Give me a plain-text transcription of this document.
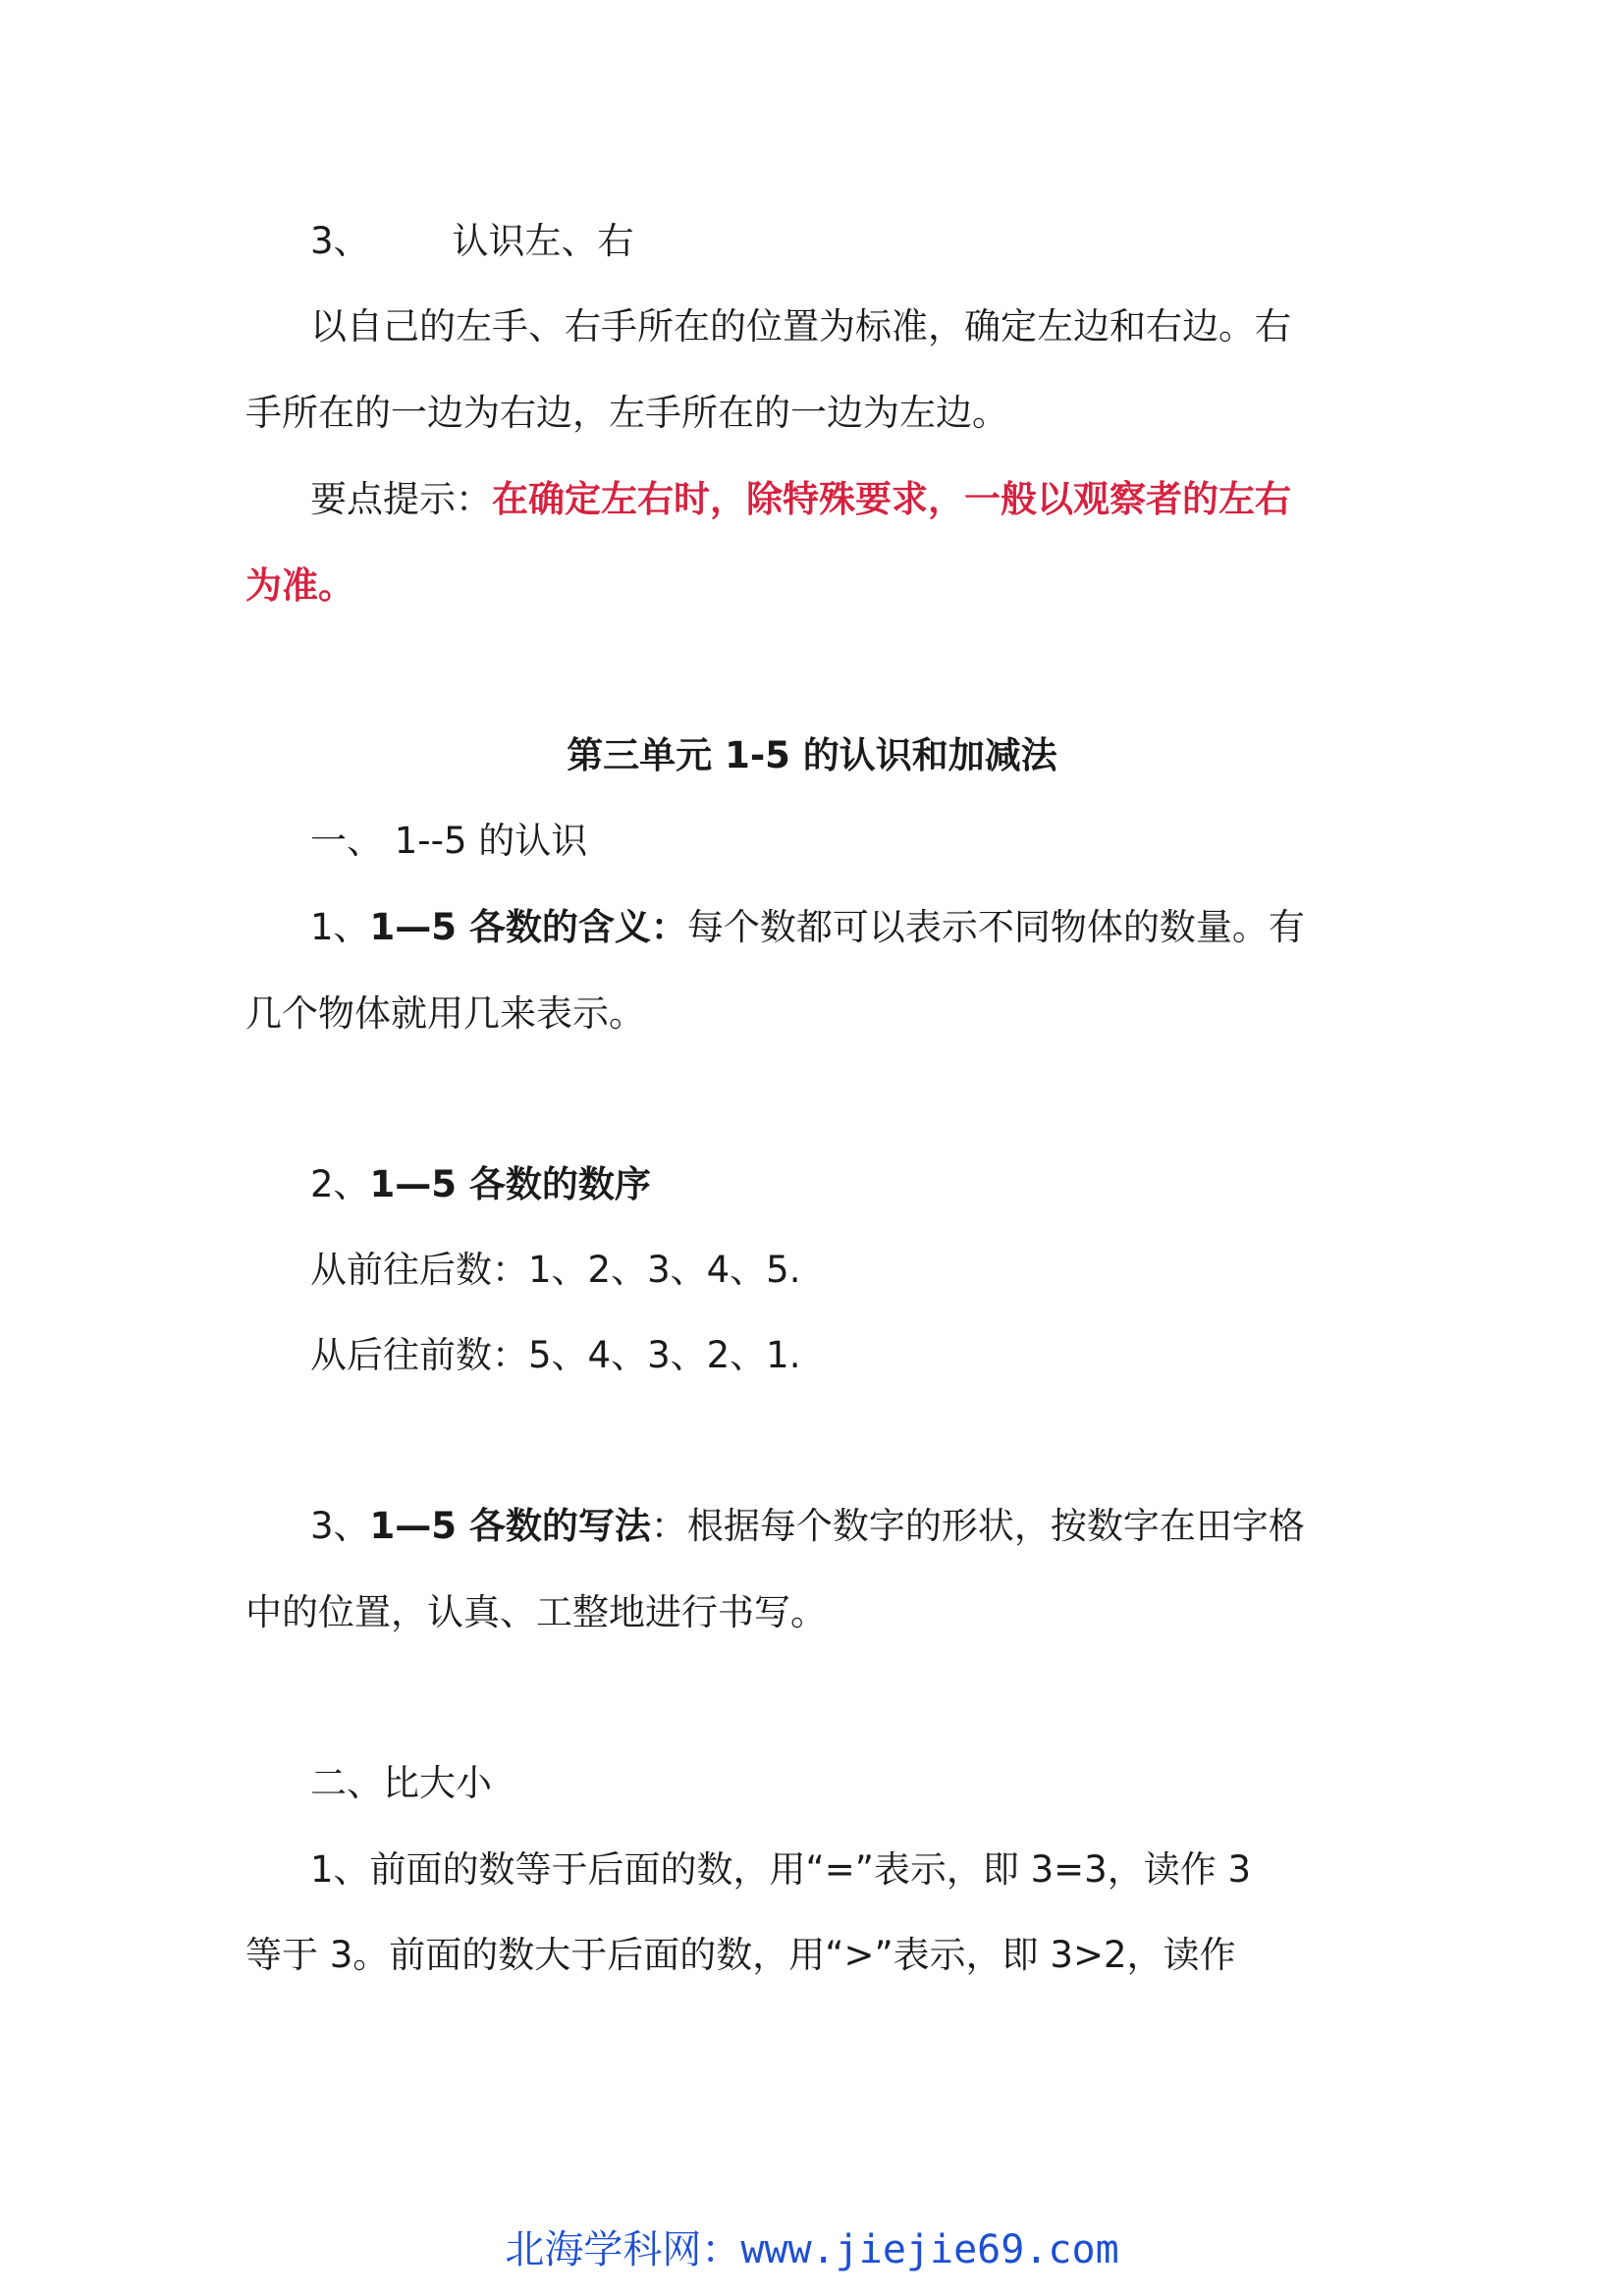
3、 认识左、右
以自己的左手、右手所在的位置为标准，确定左边和右边。右
手所在的一边为右边，左手所在的一边为左边。
要点提示：在确定左右时，除特殊要求，一般以观察者的左右
为准。
第三单元 1-5 的认识和加减法
一、 1--5 的认识
1、1—5 各数的含义：每个数都可以表示不同物体的数量。有
几个物体就用几来表示。
2、1—5 各数的数序
从前往后数：1、2、3、4、5.
从后往前数：5、4、3、2、1.
3、1—5 各数的写法：根据每个数字的形状，按数字在田字格
中的位置，认真、工整地进行书写。
二、比大小
1、前面的数等于后面的数，用“=”表示，即 3=3，读作 3
等于 3。前面的数大于后面的数，用“>”表示，即 3>2，读作
北海学科网：www.jiejie69.com
